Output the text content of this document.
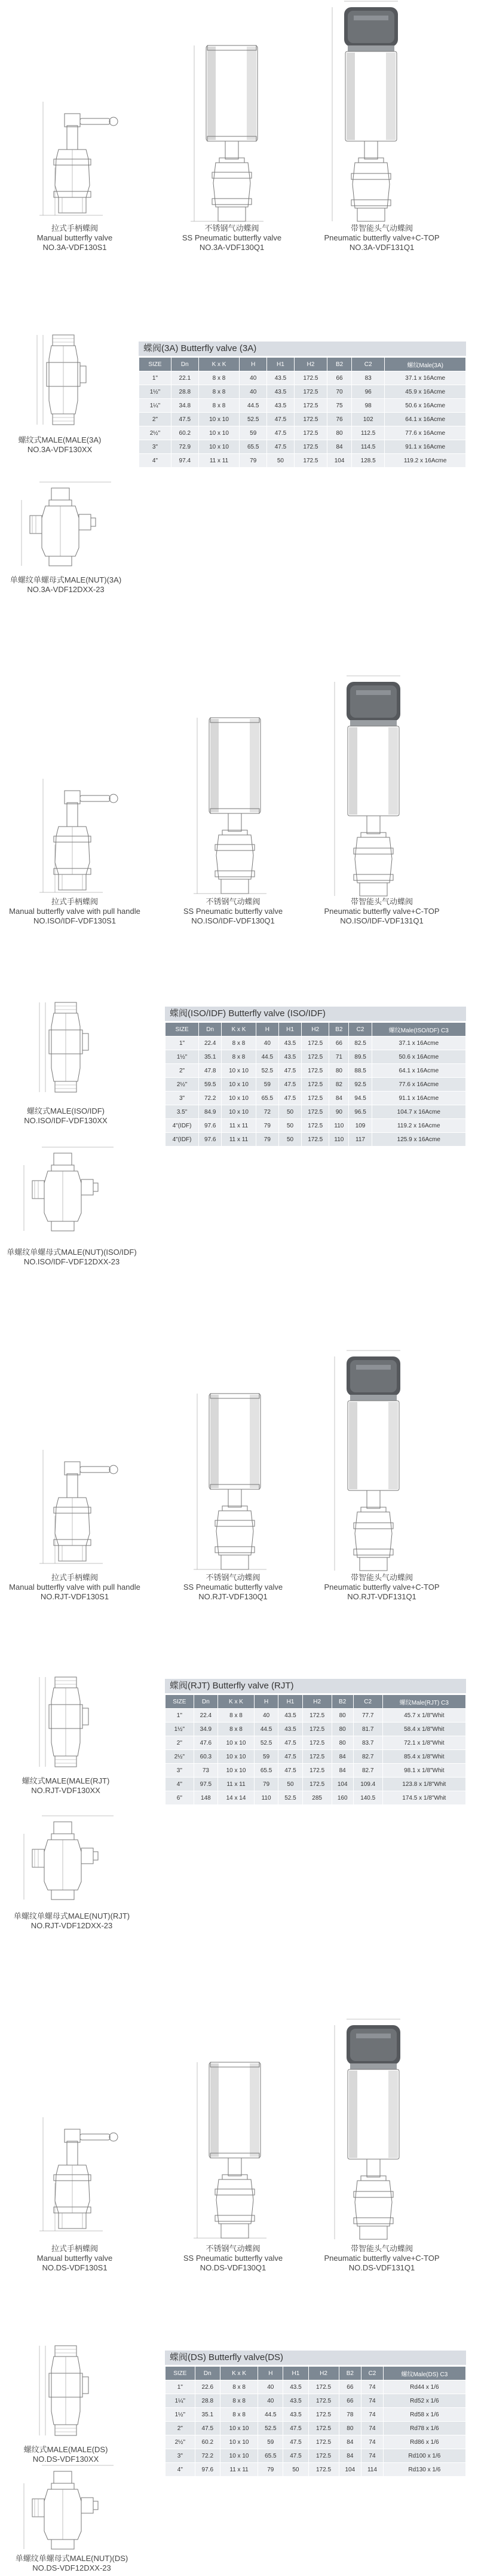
拉式手柄蝶阀
Manual butterfly valve
NO.3A-VDF130S1
不锈钢气动蝶阀
SS Pneumatic butterfly valve
NO.3A-VDF130Q1
带智能头气动蝶阀
Pneumatic butterfly valve+C-TOP
NO.3A-VDF131Q1
螺纹式MALE(MALE(3A)
NO.3A-VDF130XX
单螺纹单螺母式MALE(NUT)(3A)
NO.3A-VDF12DXX-23
蝶阀(3A) Butterfly valve (3A)
SIZE	Dn	K x K	H	H1	H2	B2	C2	螺纹Male(3A)
1"	22.1	8 x 8	40	43.5	172.5	66	83	37.1 x 16Acme
1½"	28.8	8 x 8	40	43.5	172.5	70	96	45.9 x 16Acme
1¼"	34.8	8 x 8	44.5	43.5	172.5	75	98	50.6 x 16Acme
2"	47.5	10 x 10	52.5	47.5	172.5	76	102	64.1 x 16Acme
2½"	60.2	10 x 10	59	47.5	172.5	80	112.5	77.6 x 16Acme
3"	72.9	10 x 10	65.5	47.5	172.5	84	114.5	91.1 x 16Acme
4"	97.4	11 x 11	79	50	172.5	104	128.5	119.2 x 16Acme
拉式手柄蝶阀
Manual butterfly valve with pull handle
NO.ISO/IDF-VDF130S1
不锈钢气动蝶阀
SS Pneumatic butterfly valve
NO.ISO/IDF-VDF130Q1
带智能头气动蝶阀
Pneumatic butterfly valve+C-TOP
NO.ISO/IDF-VDF131Q1
螺纹式MALE(ISO/IDF)
NO.ISO/IDF-VDF130XX
单螺纹单螺母式MALE(NUT)(ISO/IDF)
NO.ISO/IDF-VDF12DXX-23
蝶阀(ISO/IDF) Butterfly valve (ISO/IDF)
SIZE	Dn	K x K	H	H1	H2	B2	C2	螺纹Male(ISO/IDF) C3
1"	22.4	8 x 8	40	43.5	172.5	66	82.5	37.1 x 16Acme
1½"	35.1	8 x 8	44.5	43.5	172.5	71	89.5	50.6 x 16Acme
2"	47.8	10 x 10	52.5	47.5	172.5	80	88.5	64.1 x 16Acme
2½"	59.5	10 x 10	59	47.5	172.5	82	92.5	77.6 x 16Acme
3"	72.2	10 x 10	65.5	47.5	172.5	84	94.5	91.1 x 16Acme
3.5"	84.9	10 x 10	72	50	172.5	90	96.5	104.7 x 16Acme
4"(IDF)	97.6	11 x 11	79	50	172.5	110	109	119.2 x 16Acme
4"(IDF)	97.6	11 x 11	79	50	172.5	110	117	125.9 x 16Acme
拉式手柄蝶阀
Manual butterfly valve with pull handle
NO.RJT-VDF130S1
不锈钢气动蝶阀
SS Pneumatic butterfly valve
NO.RJT-VDF130Q1
带智能头气动蝶阀
Pneumatic butterfly valve+C-TOP
NO.RJT-VDF131Q1
螺纹式MALE(MALE(RJT)
NO.RJT-VDF130XX
单螺纹单螺母式MALE(NUT)(RJT)
NO.RJT-VDF12DXX-23
蝶阀(RJT) Butterfly valve (RJT)
SIZE	Dn	K x K	H	H1	H2	B2	C2	螺纹Male(RJT) C3
1"	22.4	8 x 8	40	43.5	172.5	80	77.7	45.7 x 1/8"Whit
1½"	34.9	8 x 8	44.5	43.5	172.5	80	81.7	58.4 x 1/8"Whit
2"	47.6	10 x 10	52.5	47.5	172.5	80	83.7	72.1 x 1/8"Whit
2½"	60.3	10 x 10	59	47.5	172.5	84	82.7	85.4 x 1/8"Whit
3"	73	10 x 10	65.5	47.5	172.5	84	82.7	98.1 x 1/8"Whit
4"	97.5	11 x 11	79	50	172.5	104	109.4	123.8 x 1/8"Whit
6"	148	14 x 14	110	52.5	285	160	140.5	174.5 x 1/8"Whit
拉式手柄蝶阀
Manual butterfly valve
NO.DS-VDF130S1
不锈钢气动蝶阀
SS Pneumatic butterfly valve
NO.DS-VDF130Q1
带智能头气动蝶阀
Pneumatic butterfly valve+C-TOP
NO.DS-VDF131Q1
螺纹式MALE(MALE(DS)
NO.DS-VDF130XX
单螺纹单螺母式MALE(NUT)(DS)
NO.DS-VDF12DXX-23
蝶阀(DS) Butterfly valve(DS)
SIZE	Dn	K x K	H	H1	H2	B2	C2	螺纹Male(DS) C3
1"	22.6	8 x 8	40	43.5	172.5	66	74	Rd44 x 1/6
1¼"	28.8	8 x 8	40	43.5	172.5	66	74	Rd52 x 1/6
1½"	35.1	8 x 8	44.5	43.5	172.5	78	74	Rd58 x 1/6
2"	47.5	10 x 10	52.5	47.5	172.5	80	74	Rd78 x 1/6
2½"	60.2	10 x 10	59	47.5	172.5	84	74	Rd86 x 1/6
3"	72.2	10 x 10	65.5	47.5	172.5	84	74	Rd100 x 1/6
4"	97.6	11 x 11	79	50	172.5	104	114	Rd130 x 1/6
